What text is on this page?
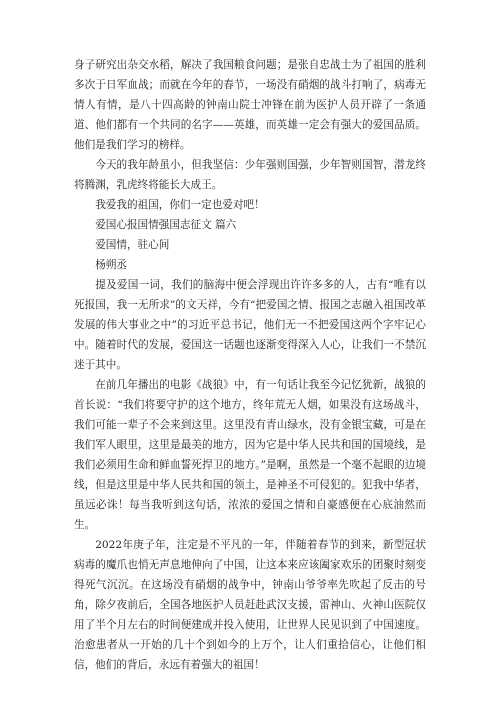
身子研究出杂交水稻，解决了我国粮食问题；是张自忠战士为了祖国的胜利多次于日军血战；而就在今年的春节，一场没有硝烟的战斗打响了，病毒无情人有情，是八十四高龄的钟南山院士冲锋在前为医护人员开辟了一条通道、他们都有一个共同的名字——英雄，而英雄一定会有强大的爱国品质。他们是我们学习的榜样。

今天的我年龄虽小，但我坚信：少年强则国强，少年智则国智，潜龙终将腾渊，乳虎终将能长大成王。

我爱我的祖国，你们一定也爱对吧！

爱国心报国情强国志征文 篇六

爱国情，驻心间

杨朔丞

提及爱国一词，我们的脑海中便会浮现出许许多多的人，古有“唯有以死报国，我一无所求”的文天祥，今有“把爱国之情、报国之志融入祖国改革发展的伟大事业之中”的习近平总书记，他们无一不把爱国这两个字牢记心中。随着时代的发展，爱国这一话题也逐渐变得深入人心，让我们一不禁沉迷于其中。

在前几年播出的电影《战狼》中，有一句话让我至今记忆犹新，战狼的首长说：“我们将要守护的这个地方，终年荒无人烟，如果没有这场战斗，我们可能一辈子不会来到这里。这里没有青山绿水，没有金银宝藏，可是在我们军人眼里，这里是最美的地方，因为它是中华人民共和国的国境线，是我们必须用生命和鲜血誓死捍卫的地方。”是啊，虽然是一个毫不起眼的边境线，但是这里是中华人民共和国的领土，是神圣不可侵犯的。犯我中华者，虽远必诛！每当我听到这句话，浓浓的爱国之情和自豪感便在心底油然而生。

2022年庚子年，注定是不平凡的一年，伴随着春节的到来，新型冠状病毒的魔爪也悄无声息地伸向了中国，让这本来应该阖家欢乐的团聚时刻变得死气沉沉。在这场没有硝烟的战争中，钟南山爷爷率先吹起了反击的号角，除夕夜前后，全国各地医护人员赶赴武汉支援，雷神山、火神山医院仅用了半个月左右的时间便建成并投入使用，让世界人民见识到了中国速度。治愈患者从一开始的几十个到如今的上万个，让人们重拾信心，让他们相信，他们的背后，永远有着强大的祖国！
